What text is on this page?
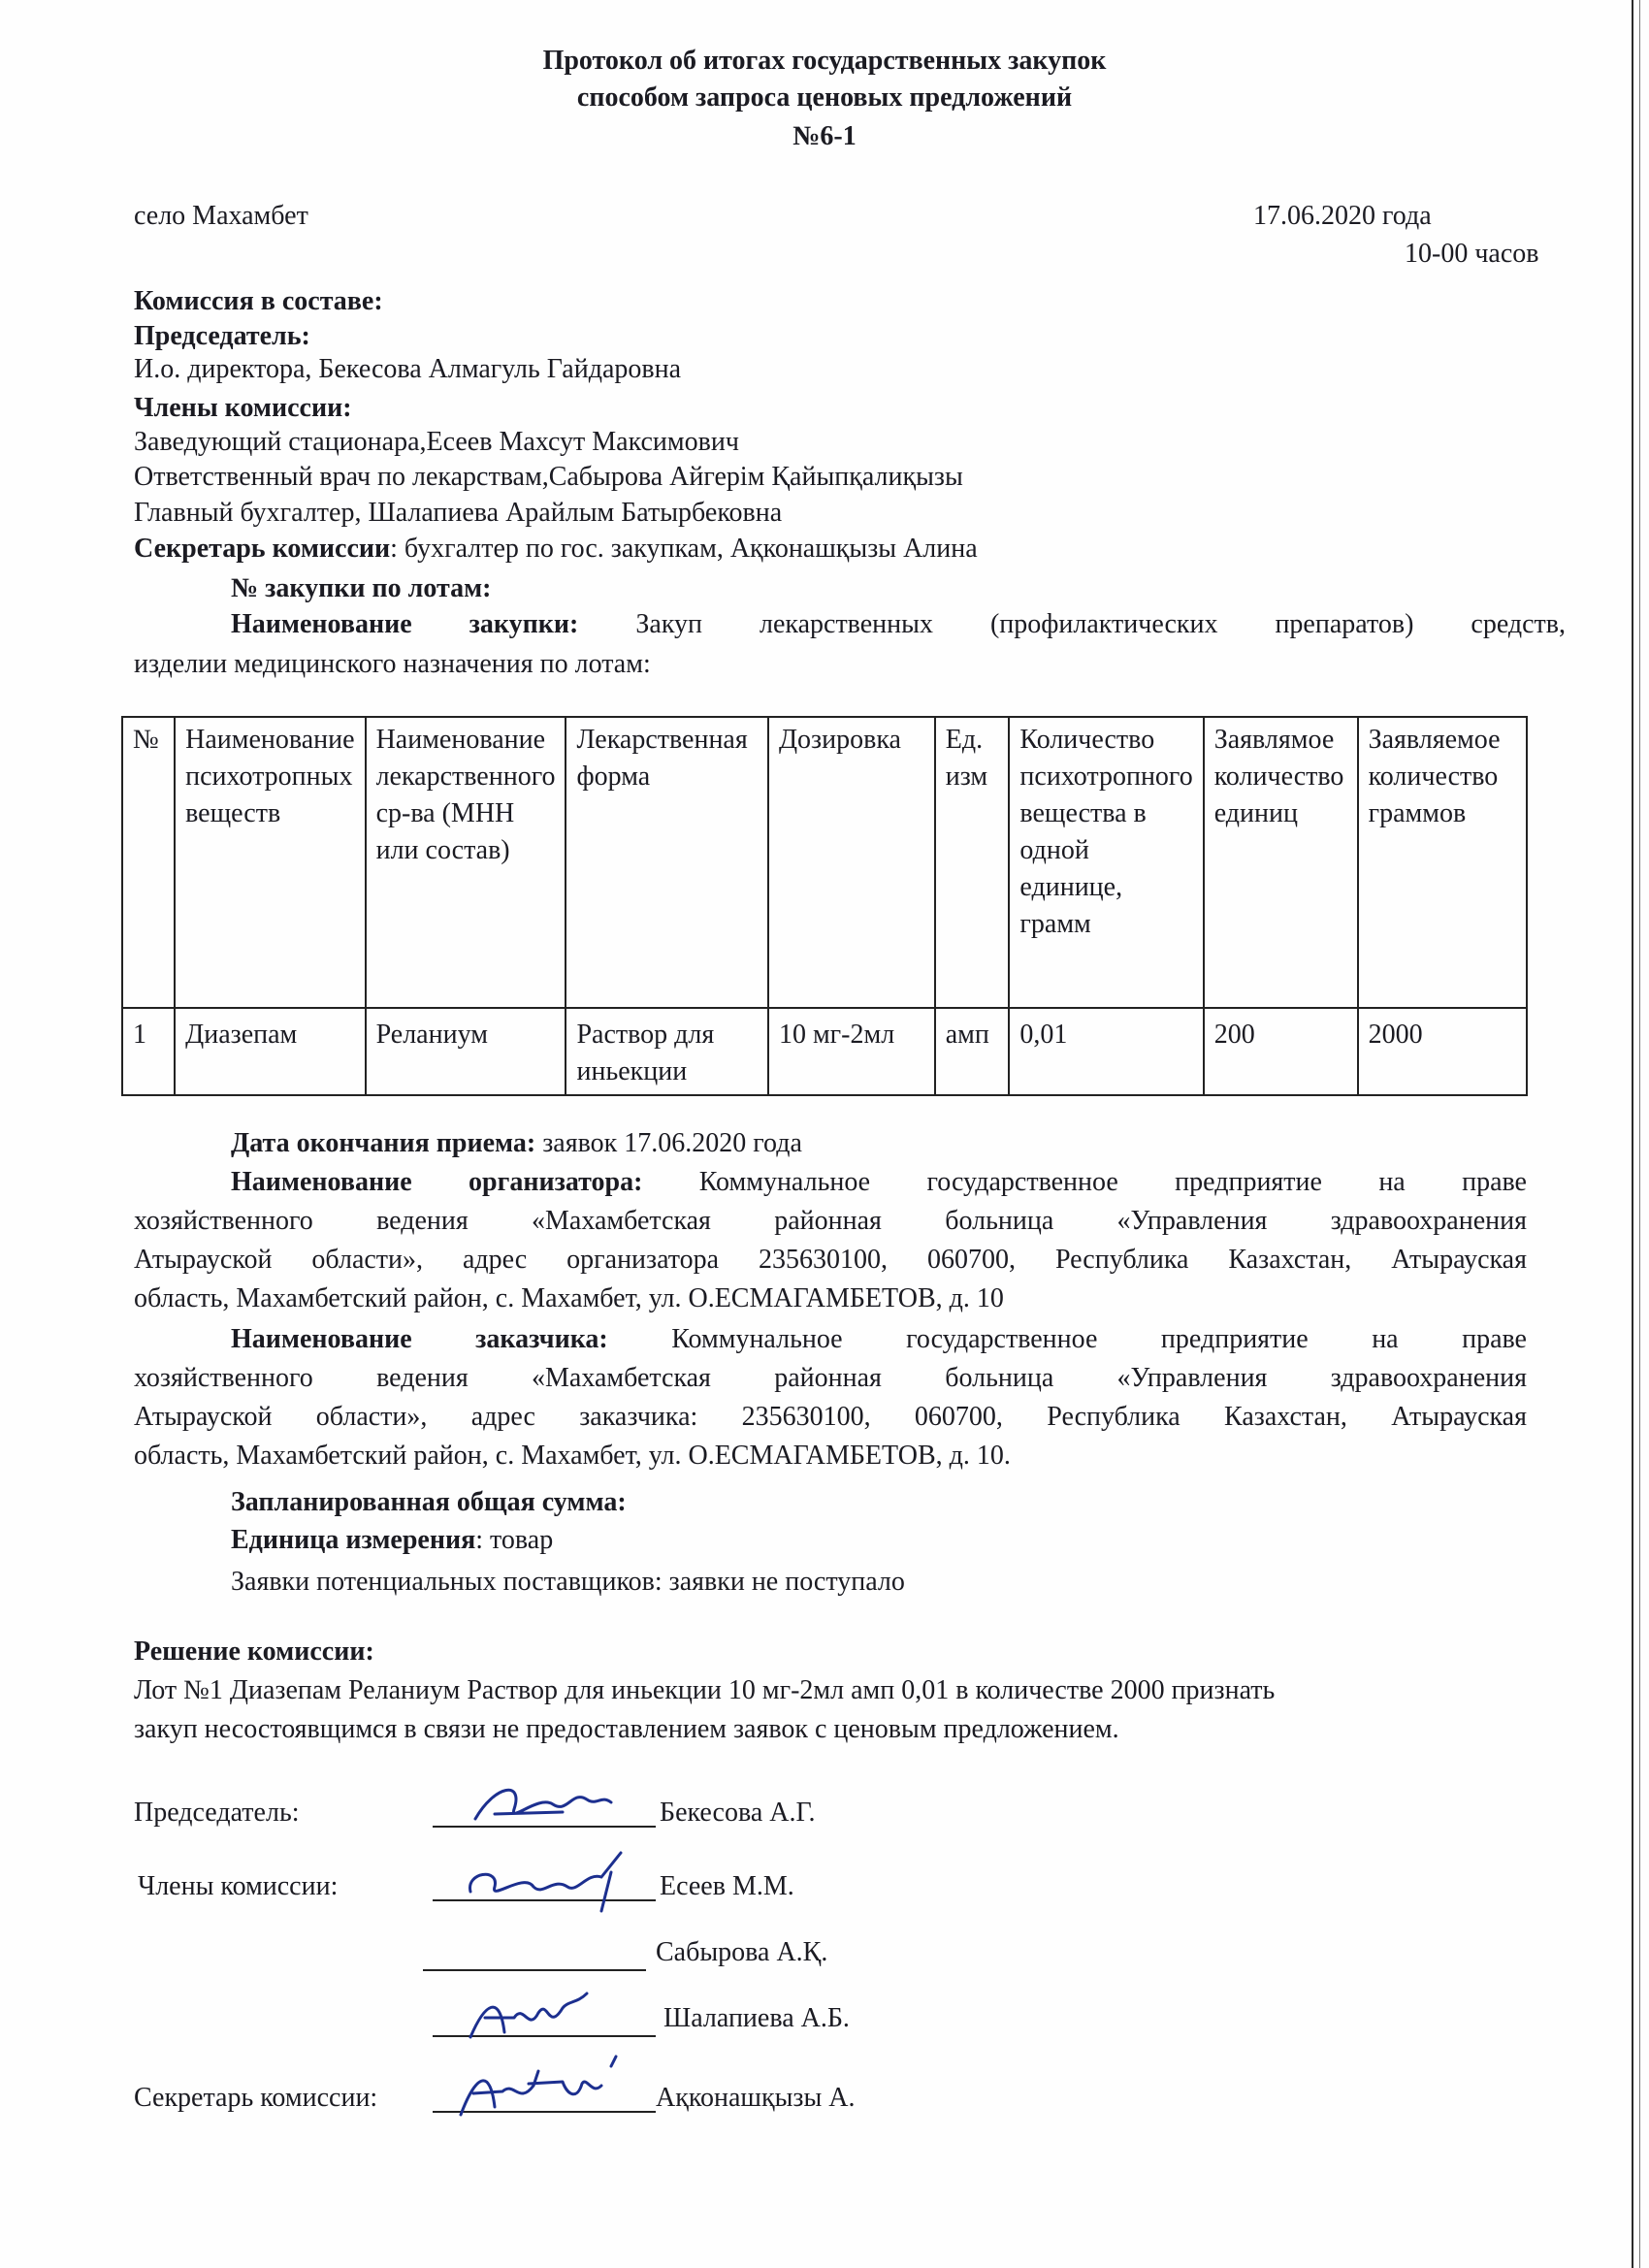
Протокол об итогах государственных закупок
способом запроса ценовых предложений
№6-1
село Махамбет	17.06.2020 года
10-00 часов
Комиссия в составе:
Председатель:
И.о. директора, Бекесова Алмагуль Гайдаровна
Члены комиссии:
Заведующий стационара,Есеев Махсут Максимович
Ответственный врач по лекарствам,Сабырова Айгерім Қайыпқалиқызы
Главный бухгалтер, Шалапиева Арайлым Батырбековна
Секретарь комиссии: бухгалтер по гос. закупкам, Ақконашқызы Алина
№ закупки по лотам:
Наименование закупки: Закуп лекарственных (профилактических препаратов) средств,
изделии медицинского назначения по лотам:
№	Наименование психотропных веществ	Наименование лекарственного ср-ва (МНН или состав)	Лекарственная форма	Дозировка	Ед. изм	Количество психотропного вещества в одной единице, грамм	Заявлямое количество единиц	Заявляемое количество граммов
1	Диазепам	Реланиум	Раствор для иньекции	10 мг-2мл	амп	0,01	200	2000
Дата окончания приема: заявок 17.06.2020 года
Наименование организатора: Коммунальное государственное предприятие на праве
хозяйственного ведения «Махамбетская районная больница «Управления здравоохранения
Атырауской области», адрес организатора 235630100, 060700, Республика Казахстан, Атырауская
область, Махамбетский район, с. Махамбет, ул. О.ЕСМАГАМБЕТОВ, д. 10
Наименование заказчика: Коммунальное государственное предприятие на праве
хозяйственного ведения «Махамбетская районная больница «Управления здравоохранения
Атырауской области», адрес заказчика: 235630100, 060700, Республика Казахстан, Атырауская
область, Махамбетский район, с. Махамбет, ул. О.ЕСМАГАМБЕТОВ, д. 10.
Запланированная общая сумма:
Единица измерения: товар
Заявки потенциальных поставщиков: заявки не поступало
Решение комиссии:
Лот №1 Диазепам Реланиум Раствор для иньекции 10 мг-2мл амп 0,01 в количестве 2000 признать
закуп несостоявщимся в связи не предоставлением заявок с ценовым предложением.
Председатель:	Бекесова А.Г.
Члены комиссии:	Есеев М.М.
Сабырова А.Қ.
Шалапиева А.Б.
Секретарь комиссии:	Ақконашқызы А.
